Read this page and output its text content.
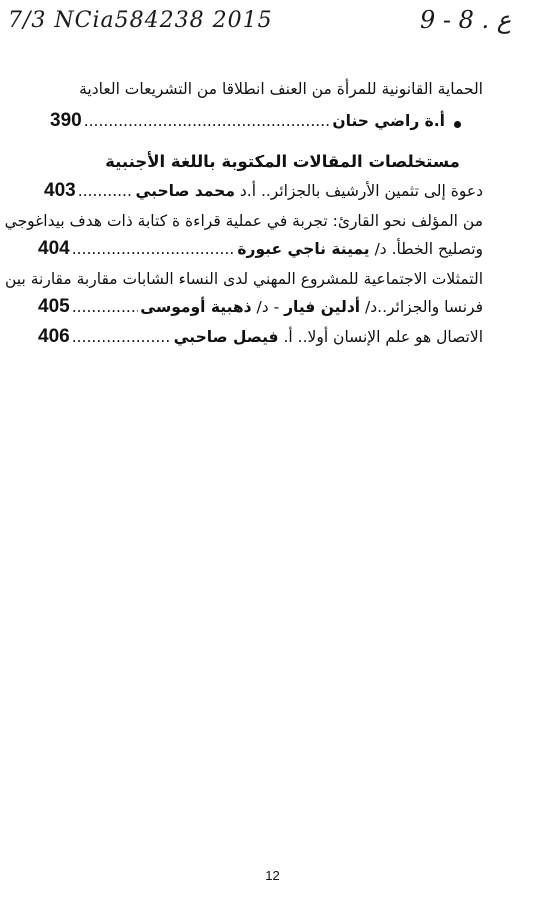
7/3 NCia584238 2015	9 - 8 . ع
الحماية القانونية للمرأة من العنف انطلاقا من التشريعات العادية
أ.ة راضي حنان
.....
390
مستخلصات المقالات المكتوبة باللغة الأجنبية
دعوة إلى تثمين الأرشيف بالجزائر.. أ.د محمد صاحبي
.....
403
من المؤلف نحو القارئ: تجربة في عملية قراءة ة كتابة ذات هدف بيداغوجي
وتصليح الخطأ. د/ يمينة ناجي عبورة
.....
404
التمثلات الاجتماعية للمشروع المهني لدى النساء الشابات مقاربة مقارنة بين
فرنسا والجزائر..د/ أدلين فيار - د/ ذهبية أوموسى
.....
405
الاتصال هو علم الإنسان أولا.. أ. فيصل صاحبي
.....
406
12
